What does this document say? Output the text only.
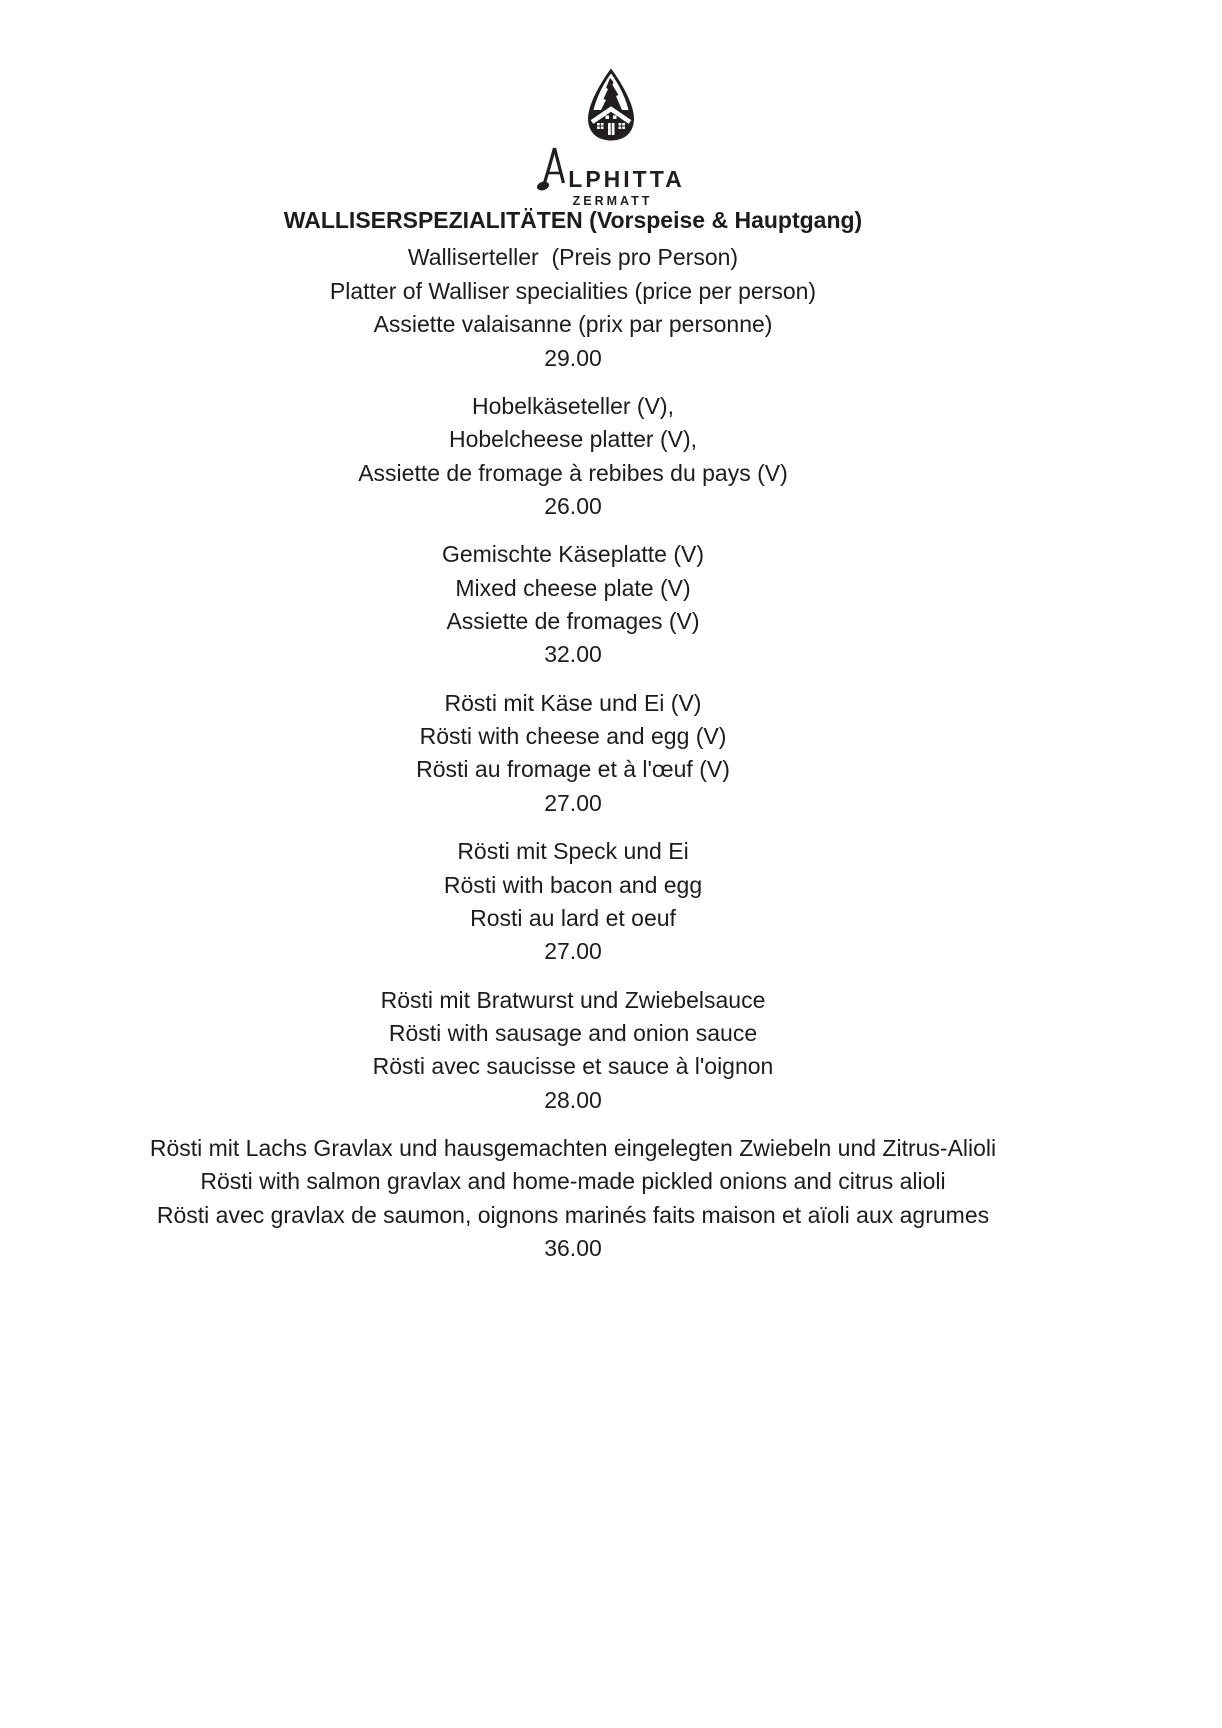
LPHITTA
ZERMATT

WALLISERSPEZIALITÄTEN (Vorspeise & Hauptgang)

Walliserteller  (Preis pro Person)

Platter of Walliser specialities (price per person)

Assiette valaisanne (prix par personne)

29.00

Hobelkäseteller (V),

Hobelcheese platter (V),

Assiette de fromage à rebibes du pays (V)

26.00

Gemischte Käseplatte (V)

Mixed cheese plate (V)

Assiette de fromages (V)

32.00

Rösti mit Käse und Ei (V)

Rösti with cheese and egg (V)

Rösti au fromage et à l'œuf (V)

27.00

Rösti mit Speck und Ei

Rösti with bacon and egg

Rosti au lard et oeuf

27.00

Rösti mit Bratwurst und Zwiebelsauce

Rösti with sausage and onion sauce

Rösti avec saucisse et sauce à l'oignon

28.00

Rösti mit Lachs Gravlax und hausgemachten eingelegten Zwiebeln und Zitrus-Alioli

Rösti with salmon gravlax and home-made pickled onions and citrus alioli

Rösti avec gravlax de saumon, oignons marinés faits maison et aïoli aux agrumes

36.00
